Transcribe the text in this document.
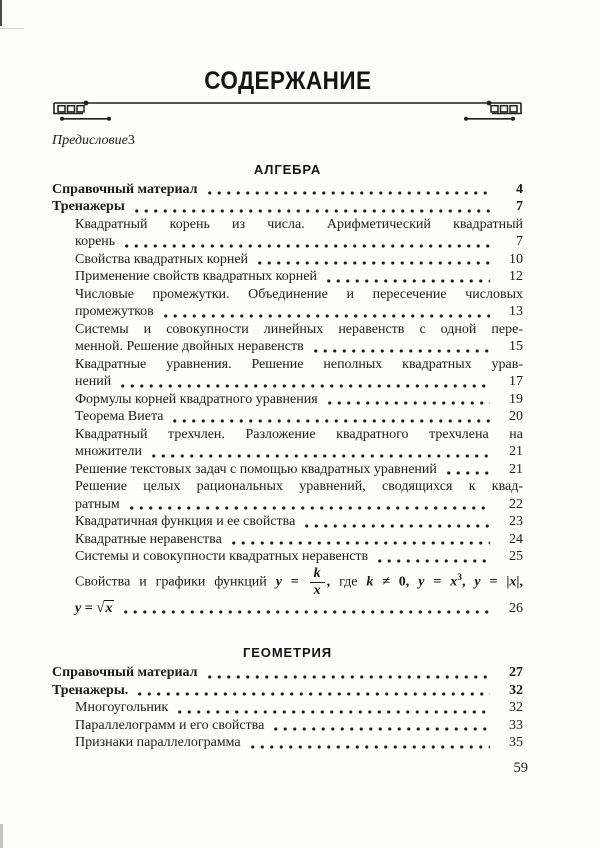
СОДЕРЖАНИЕ
Предисловие3
АЛГЕБРА
Справочный материал	4
Тренажеры	7
Квадратный корень из числа. Арифметический квадратный
корень	7
Свойства квадратных корней	10
Применение свойств квадратных корней	12
Числовые промежутки. Объединение и пересечение числовых
промежутков	13
Системы и совокупности линейных неравенств с одной пере-
менной. Решение двойных неравенств	15
Квадратные уравнения. Решение неполных квадратных урав-
нений	17
Формулы корней квадратного уравнения	19
Теорема Виета	20
Квадратный трехчлен. Разложение квадратного трехчлена на
множители	21
Решение текстовых задач с помощью квадратных уравнений	21
Решение целых рациональных уравнений, сводящихся к квад-
ратным	22
Квадратичная функция и ее свойства	23
Квадратные неравенства	24
Системы и совокупности квадратных неравенств	25
Свойства и графики функций $y = \frac{k}{x}$ , где k ≠ 0, $y = x^3$, y = |x|,
y = √x	26
ГЕОМЕТРИЯ
Справочный материал	27
Тренажеры.	32
Многоугольник	32
Параллелограмм и его свойства	33
Признаки параллелограмма	35
59
